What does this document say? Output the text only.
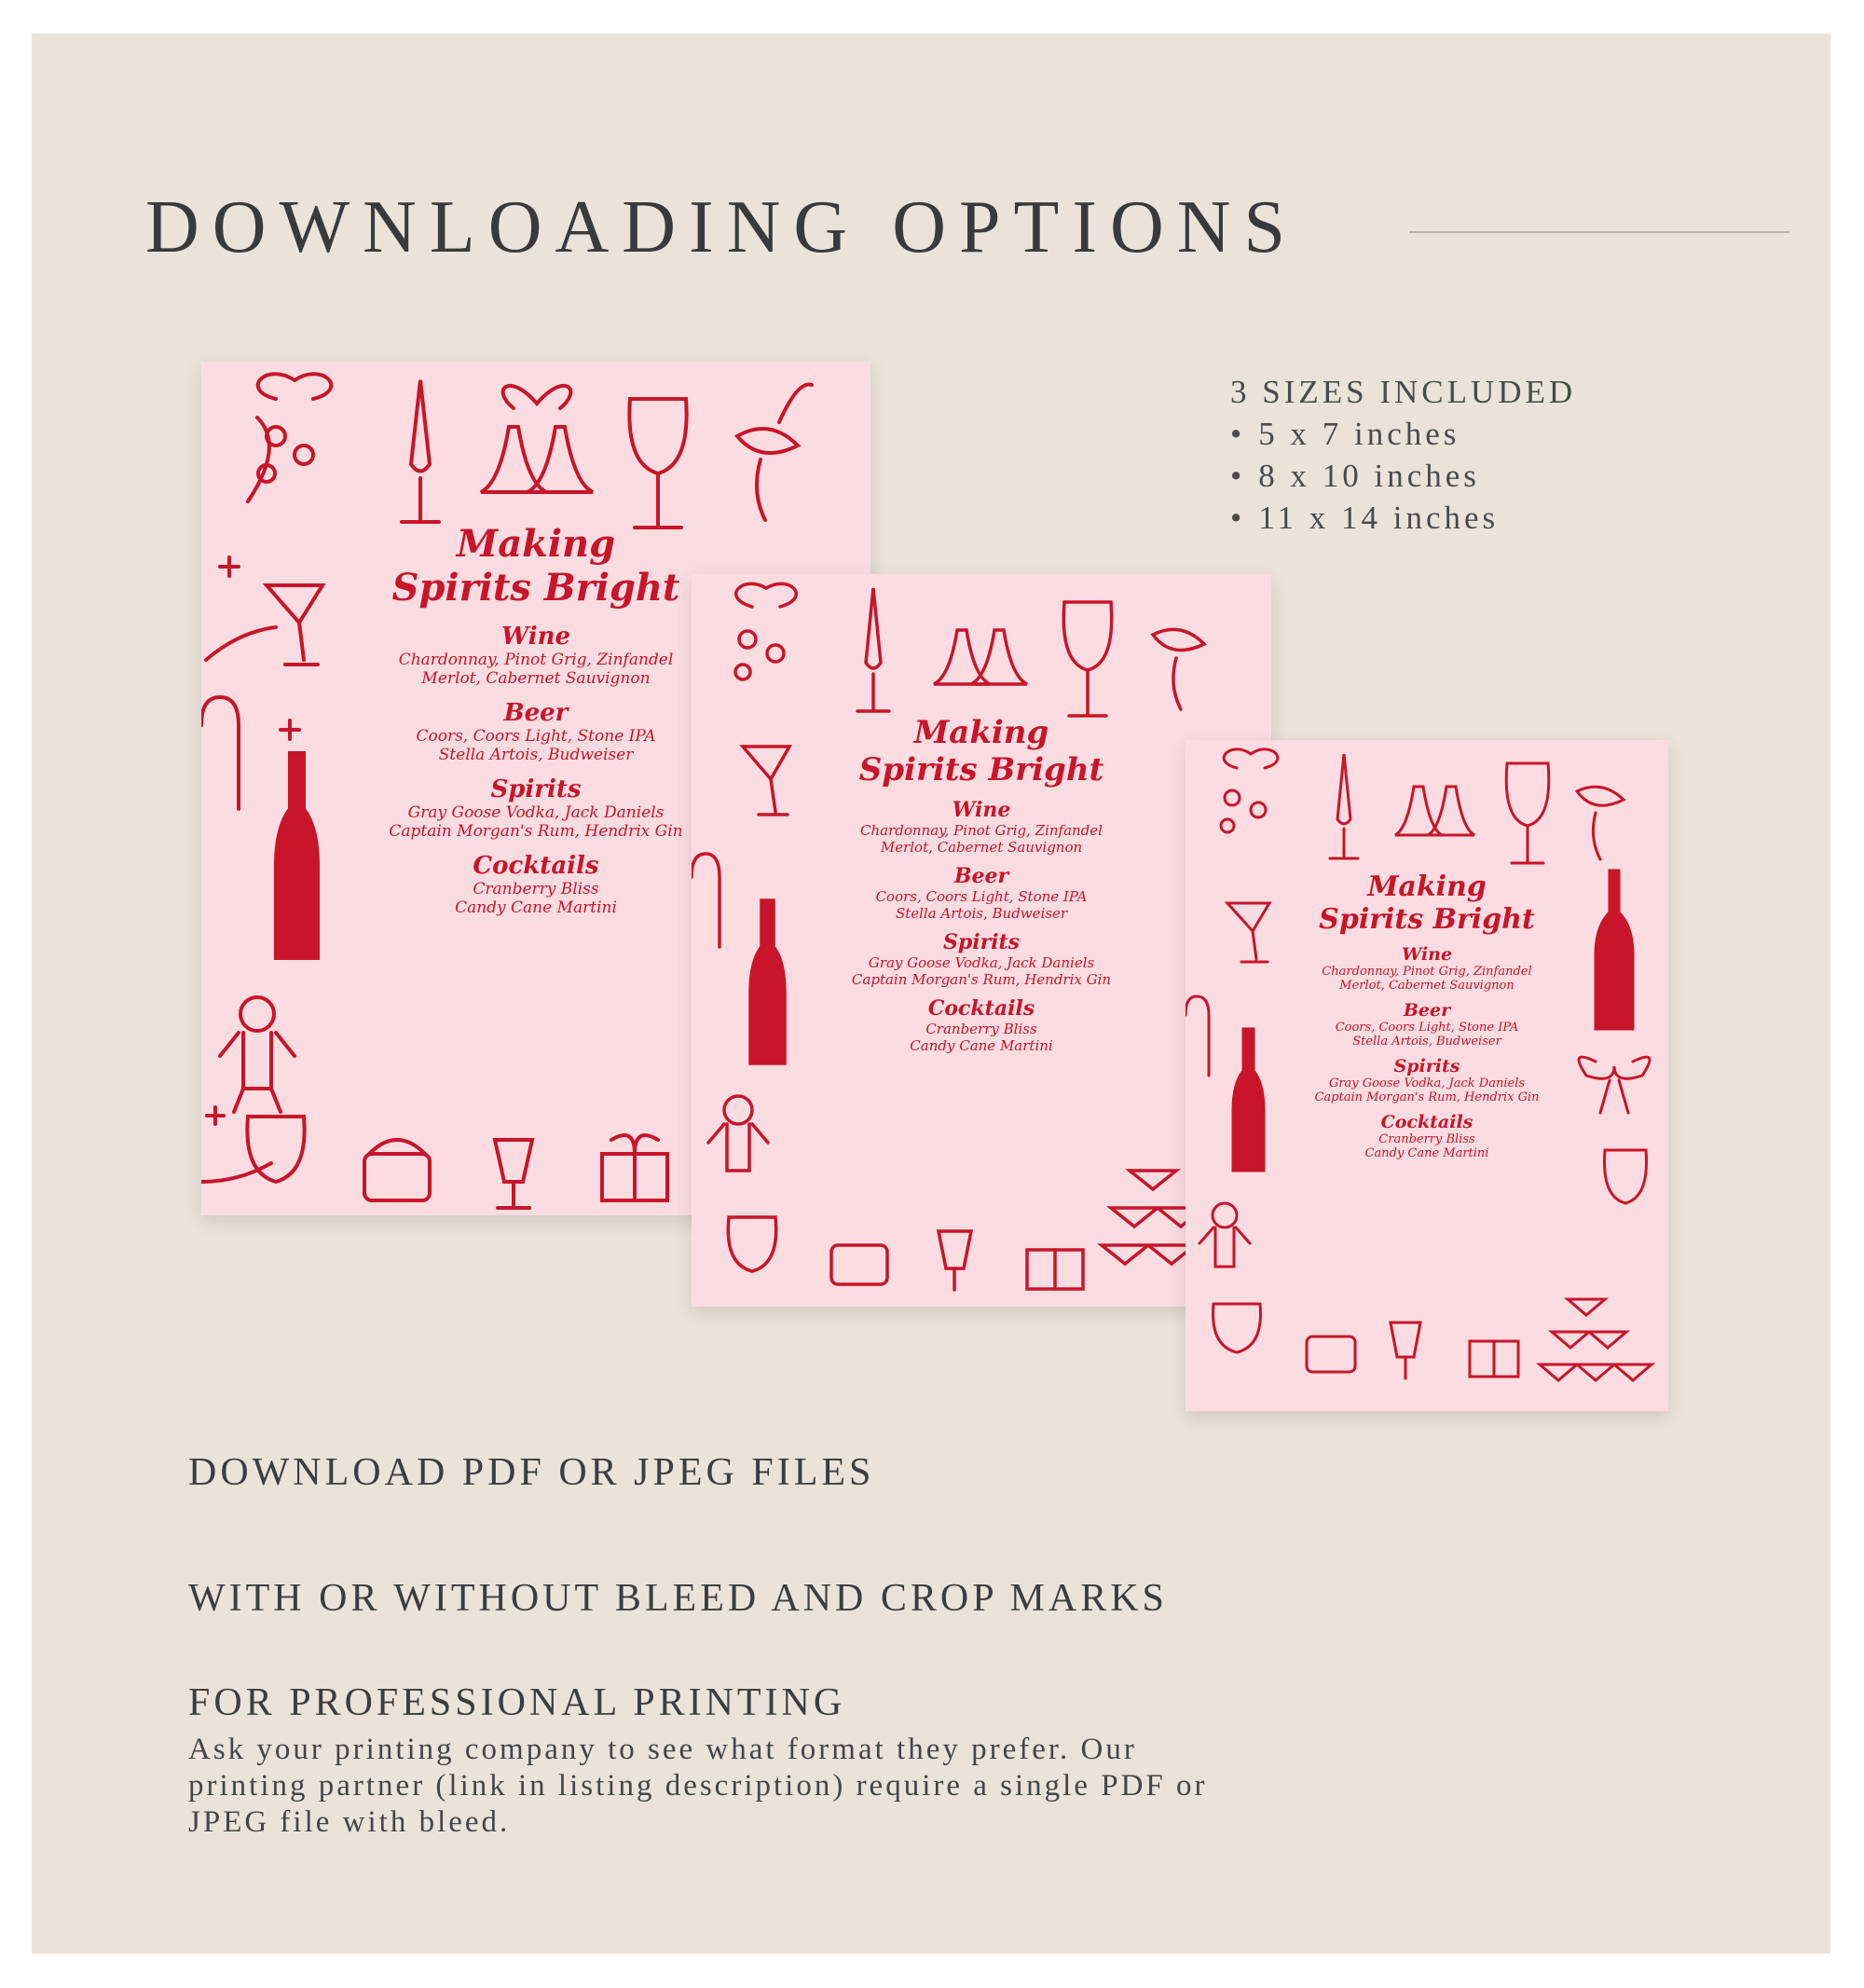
DOWNLOADING OPTIONS
3 SIZES INCLUDED
• 5 x 7 inches
• 8 x 10 inches
• 11 x 14 inches
Making
Spirits Bright
Wine
Chardonnay, Pinot Grig, Zinfandel
Merlot, Cabernet Sauvignon
Beer
Coors, Coors Light, Stone IPA
Stella Artois, Budweiser
Spirits
Gray Goose Vodka, Jack Daniels
Captain Morgan's Rum, Hendrix Gin
Cocktails
Cranberry Bliss
Candy Cane Martini
Making
Spirits Bright
Wine
Chardonnay, Pinot Grig, Zinfandel
Merlot, Cabernet Sauvignon
Beer
Coors, Coors Light, Stone IPA
Stella Artois, Budweiser
Spirits
Gray Goose Vodka, Jack Daniels
Captain Morgan's Rum, Hendrix Gin
Cocktails
Cranberry Bliss
Candy Cane Martini
Making
Spirits Bright
Wine
Chardonnay, Pinot Grig, Zinfandel
Merlot, Cabernet Sauvignon
Beer
Coors, Coors Light, Stone IPA
Stella Artois, Budweiser
Spirits
Gray Goose Vodka, Jack Daniels
Captain Morgan's Rum, Hendrix Gin
Cocktails
Cranberry Bliss
Candy Cane Martini
DOWNLOAD PDF OR JPEG FILES
WITH OR WITHOUT BLEED AND CROP MARKS
FOR PROFESSIONAL PRINTING
Ask your printing company to see what format they prefer. Our printing partner (link in listing description) require a single PDF or JPEG file with bleed.
